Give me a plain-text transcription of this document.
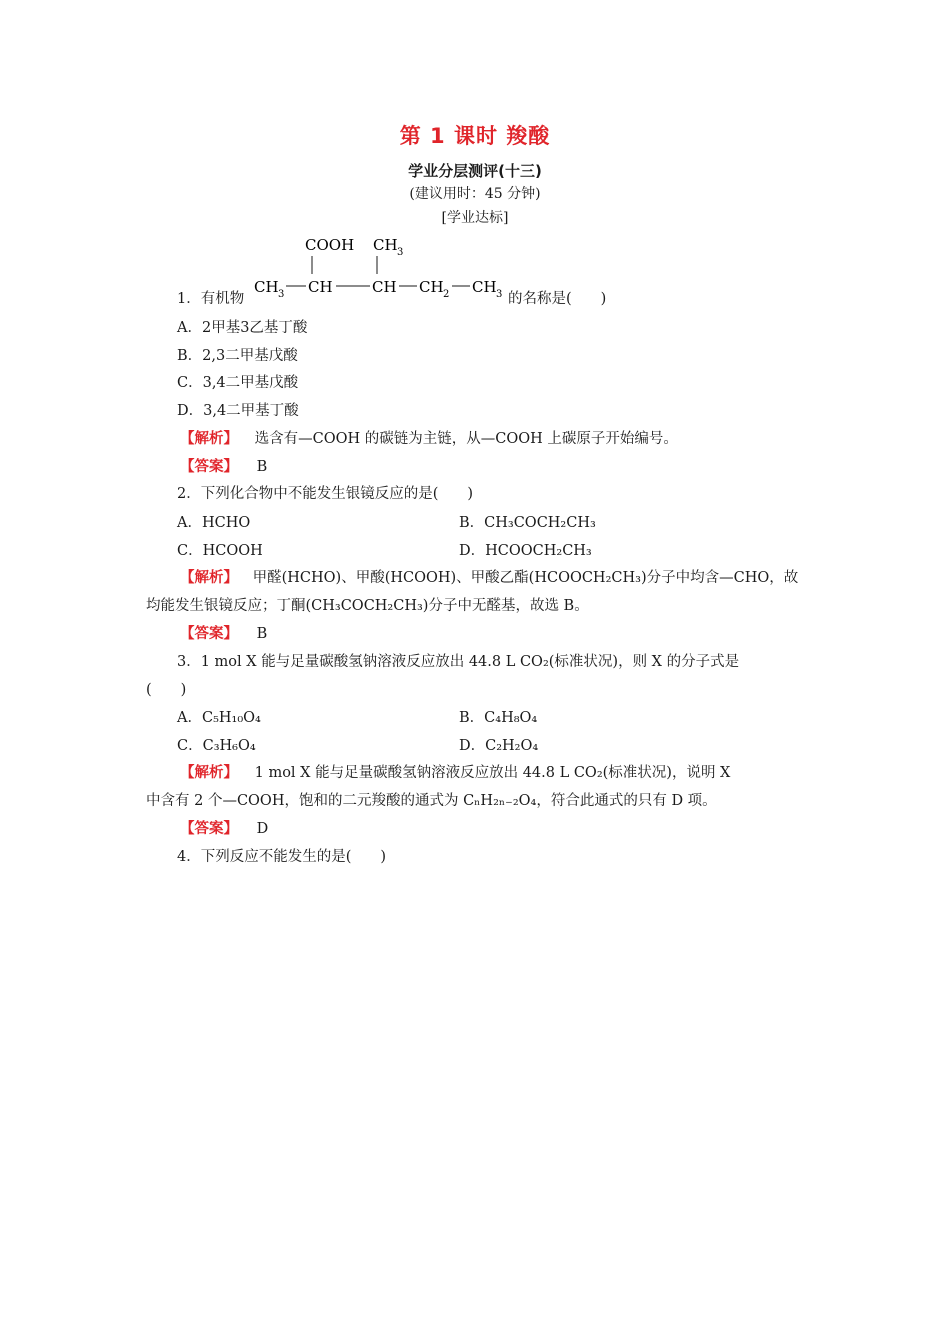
第 1 课时 羧酸
学业分层测评(十三)
(建议用时：45 分钟)
[学业达标]
1．有机物
COOH CH 3
CH 3 CH	CH CH 2 CH 3 的名称是(　　)
A．2甲基3乙基丁酸
B．2,3二甲基戊酸
C．3,4二甲基戊酸
D．3,4二甲基丁酸
【解析】 选含有—COOH 的碳链为主链，从—COOH 上碳原子开始编号。
【答案】 B
2．下列化合物中不能发生银镜反应的是(　　)
A．HCHO	B．CH₃COCH₂CH₃
C．HCOOH	D．HCOOCH₂CH₃
【解析】 甲醛(HCHO)、甲酸(HCOOH)、甲酸乙酯(HCOOCH₂CH₃)分子中均含—CHO，故
均能发生银镜反应；丁酮(CH₃COCH₂CH₃)分子中无醛基，故选 B。
【答案】 B
3．1 mol X 能与足量碳酸氢钠溶液反应放出 44.8 L CO₂(标准状况)，则 X 的分子式是
(　　)
A．C₅H₁₀O₄	B．C₄H₈O₄
C．C₃H₆O₄	D．C₂H₂O₄
【解析】 1 mol X 能与足量碳酸氢钠溶液反应放出 44.8 L CO₂(标准状况)，说明 X
中含有 2 个—COOH，饱和的二元羧酸的通式为 CₙH₂ₙ₋₂O₄，符合此通式的只有 D 项。
【答案】 D
4．下列反应不能发生的是(　　)
